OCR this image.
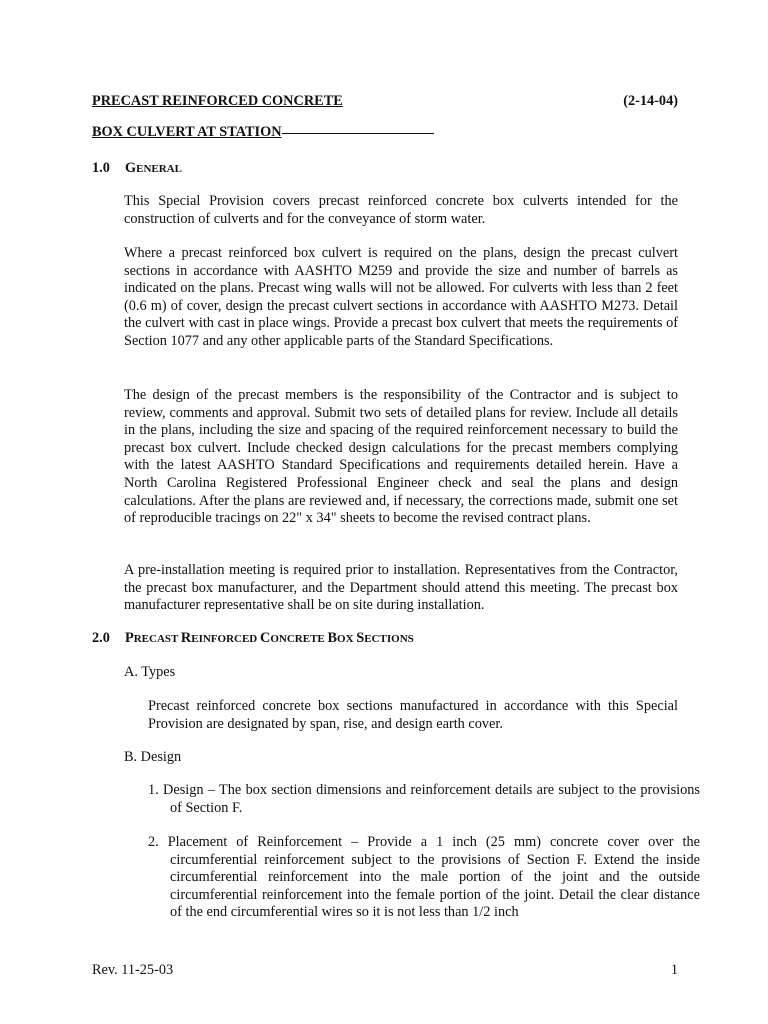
PRECAST REINFORCED CONCRETE
BOX CULVERT AT STATION
(2-14-04)
1.0 GENERAL

This Special Provision covers precast reinforced concrete box culverts intended for the construction of culverts and for the conveyance of storm water.

Where a precast reinforced box culvert is required on the plans, design the precast culvert sections in accordance with AASHTO M259 and provide the size and number of barrels as indicated on the plans. Precast wing walls will not be allowed. For culverts with less than 2 feet (0.6 m) of cover, design the precast culvert sections in accordance with AASHTO M273. Detail the culvert with cast in place wings. Provide a precast box culvert that meets the requirements of Section 1077 and any other applicable parts of the Standard Specifications.

The design of the precast members is the responsibility of the Contractor and is subject to review, comments and approval. Submit two sets of detailed plans for review. Include all details in the plans, including the size and spacing of the required reinforcement necessary to build the precast box culvert. Include checked design calculations for the precast members complying with the latest AASHTO Standard Specifications and requirements detailed herein. Have a North Carolina Registered Professional Engineer check and seal the plans and design calculations. After the plans are reviewed and, if necessary, the corrections made, submit one set of reproducible tracings on 22" x 34" sheets to become the revised contract plans.

A pre-installation meeting is required prior to installation. Representatives from the Contractor, the precast box manufacturer, and the Department should attend this meeting. The precast box manufacturer representative shall be on site during installation.

2.0 PRECAST REINFORCED CONCRETE BOX SECTIONS
A. Types

Precast reinforced concrete box sections manufactured in accordance with this Special Provision are designated by span, rise, and design earth cover.

B. Design

1. Design – The box section dimensions and reinforcement details are subject to the provisions of Section F.

2. Placement of Reinforcement – Provide a 1 inch (25 mm) concrete cover over the circumferential reinforcement subject to the provisions of Section F. Extend the inside circumferential reinforcement into the male portion of the joint and the outside circumferential reinforcement into the female portion of the joint. Detail the clear distance of the end circumferential wires so it is not less than 1/2 inch

Rev. 11-25-03	1
